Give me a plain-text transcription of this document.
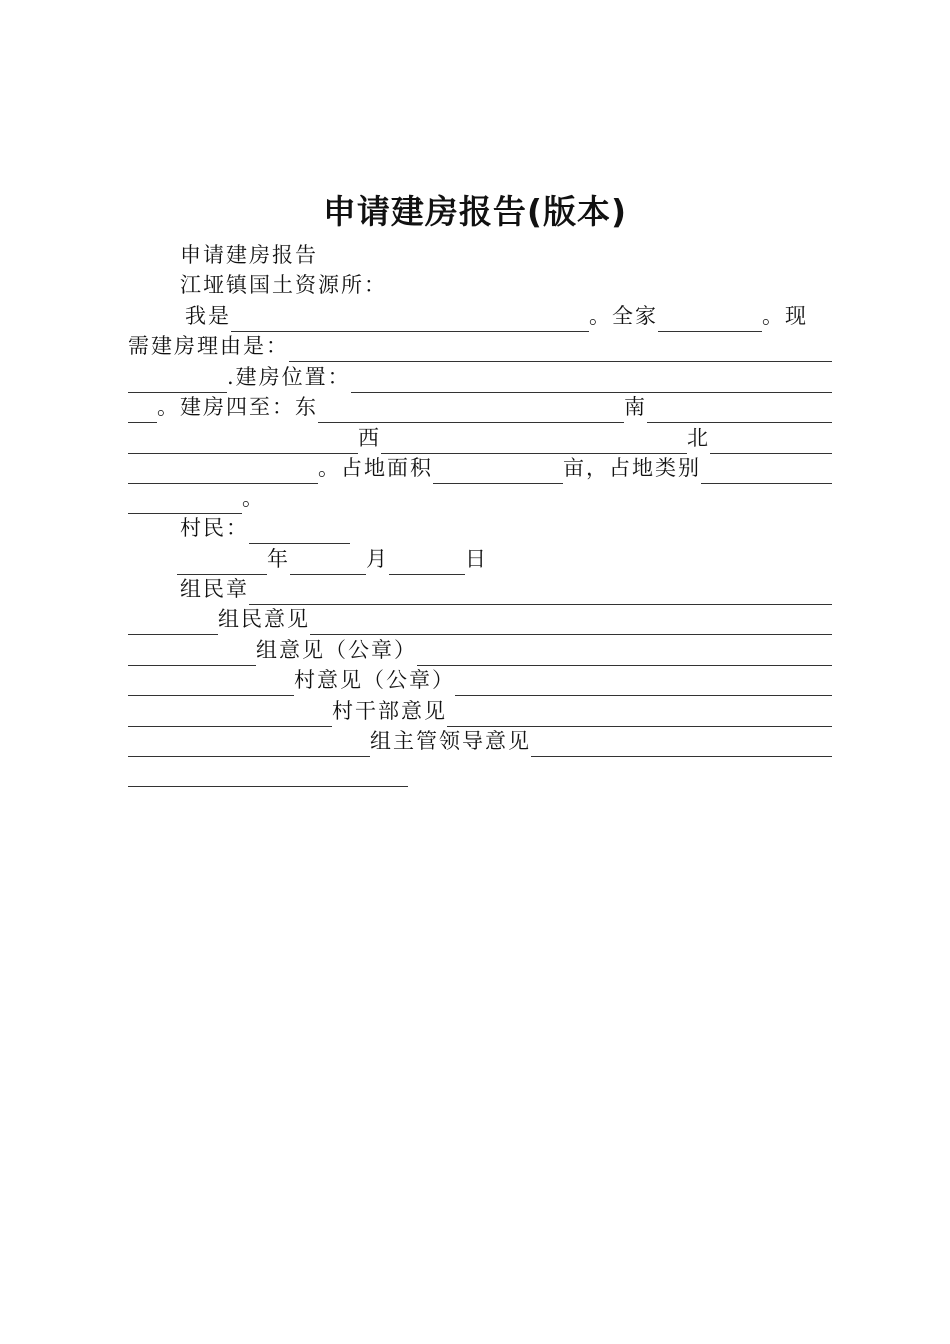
申请建房报告(版本)
申请建房报告
江垭镇国土资源所：
我是	。全家	。现
需建房理由是：
.建房位置：
。建房四至：东	南
西	北
。占地面积	亩，占地类别
。
村民：
年	月	日
组民章
组民意见
组意见（公章）
村意见（公章）
村干部意见
组主管领导意见
